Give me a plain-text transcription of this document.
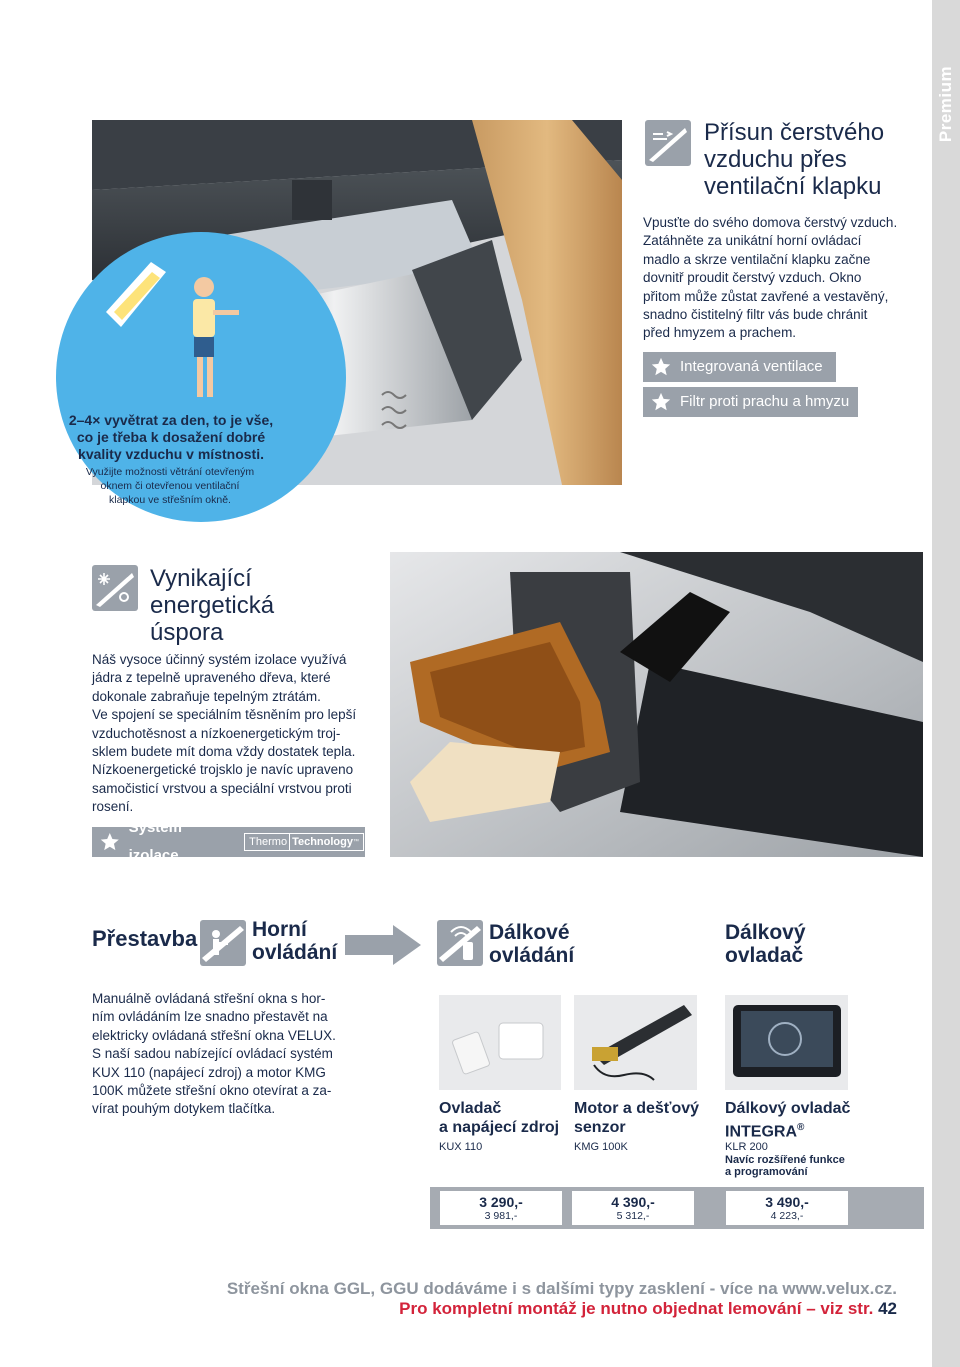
Premium
2–4× vyvětrat za den, to je vše,
co je třeba k dosažení dobré
kvality vzduchu v místnosti.
Využijte možnosti větrání otevřeným
oknem či otevřenou ventilační
klapkou ve střešním okně.
Přísun čerstvého
vzduchu přes
ventilační klapku
Vpusťte do svého domova čerstvý vzduch.
Zatáhněte za unikátní horní ovládací
madlo a skrze ventilační klapku začne
dovnitř proudit čerstvý vzduch. Okno
přitom může zůstat zavřené a vestavěný,
snadno čistitelný filtr vás bude chránit
před hmyzem a prachem.
Integrovaná ventilace
Filtr proti prachu a hmyzu
Vynikající
energetická
úspora
Náš vysoce účinný systém izolace využívá
jádra z tepelně upraveného dřeva, které
dokonale zabraňuje tepelným ztrátám.
Ve spojení se speciálním těsněním pro lepší
vzduchotěsnost a nízkoenergetickým troj-
sklem budete mít doma vždy dostatek tepla.
Nízkoenergetické trojsklo je navíc upraveno
samočisticí vrstvou a speciální vrstvou proti
rosení.
Systém izolace
Thermo Technology ™
Přestavba	Horní
ovládání
Dálkové
ovládání
Dálkový
ovladač
Manuálně ovládaná střešní okna s hor-
ním ovládáním lze snadno přestavět na
elektricky ovládaná střešní okna VELUX.
S naší sadou nabízející ovládací systém
KUX 110 (napájecí zdroj) a motor KMG
100K můžete střešní okno otevírat a za-
vírat pouhým dotykem tlačítka.	Ovladač
a napájecí zdroj
KUX 110
Motor a dešťový
senzor
KMG 100K
Dálkový ovladač
INTEGRA®
KLR 200
Navíc rozšířené funkce
a programování
3 290,-
3 981,-
4 390,-
5 312,-
3 490,-
4 223,-
Střešní okna GGL, GGU dodáváme i s dalšími typy zasklení - více na www.velux.cz.
Pro kompletní montáž je nutno objednat lemování – viz str. 42
